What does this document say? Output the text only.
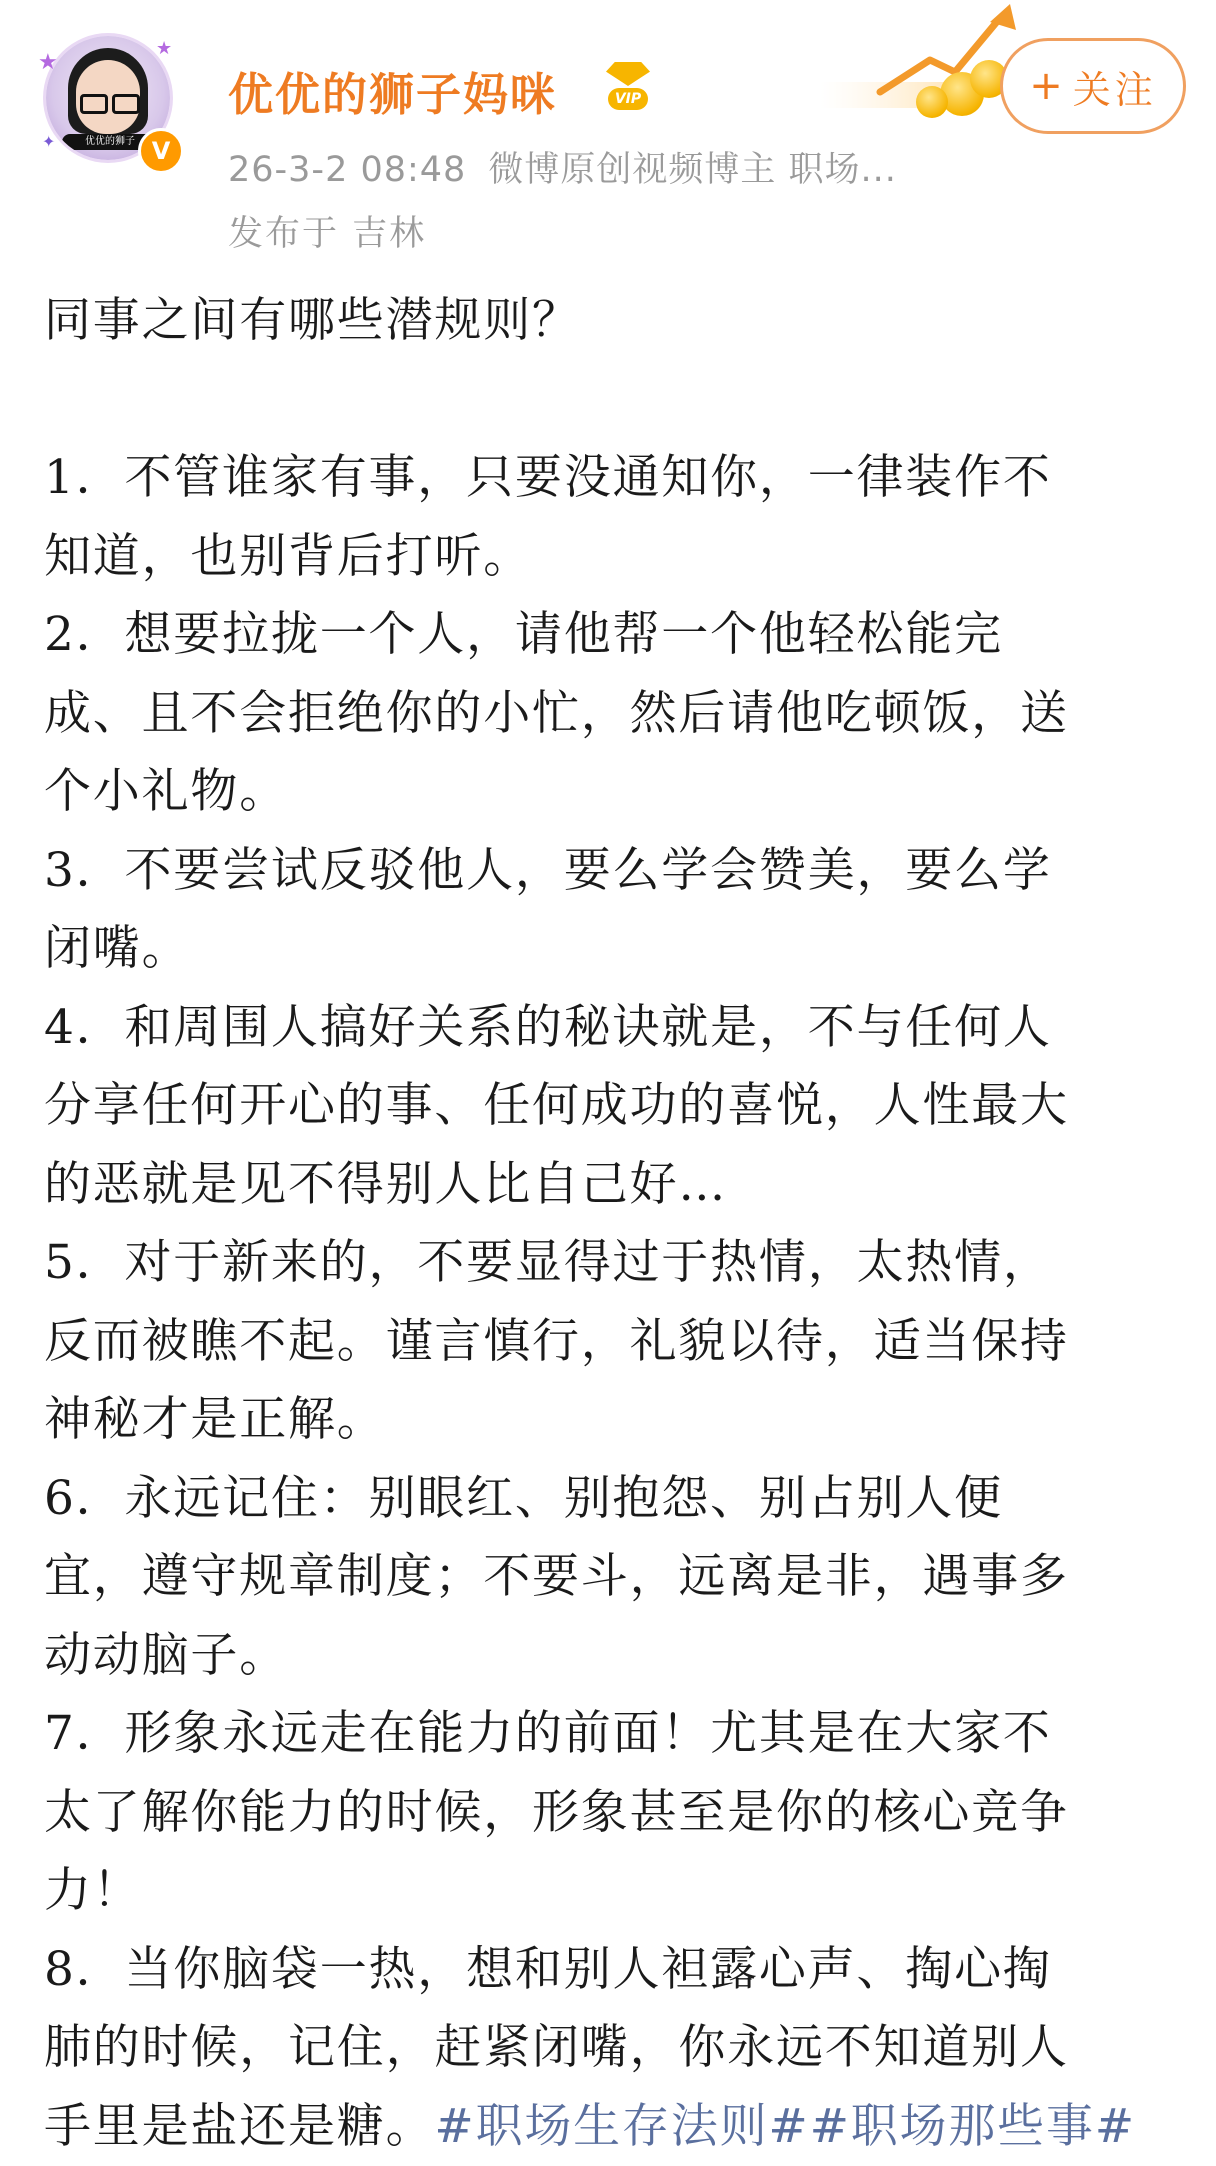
优优的狮子
★
★
✦	V
优优的狮子妈咪	VIP
26-3-2 08:48 微博原创视频博主 职场...
发布于 吉林
+ 关注

同事之间有哪些潜规则？

1．不管谁家有事，只要没通知你，一律装作不

知道，也别背后打听。

2．想要拉拢一个人，请他帮一个他轻松能完

成、且不会拒绝你的小忙，然后请他吃顿饭，送

个小礼物。

3．不要尝试反驳他人，要么学会赞美，要么学

闭嘴。

4．和周围人搞好关系的秘诀就是，不与任何人

分享任何开心的事、任何成功的喜悦，人性最大

的恶就是见不得别人比自己好…

5．对于新来的，不要显得过于热情，太热情，

反而被瞧不起。谨言慎行，礼貌以待，适当保持

神秘才是正解。

6．永远记住：别眼红、别抱怨、别占别人便

宜，遵守规章制度；不要斗，远离是非，遇事多

动动脑子。

7．形象永远走在能力的前面！尤其是在大家不

太了解你能力的时候，形象甚至是你的核心竞争

力！

8．当你脑袋一热，想和别人袒露心声、掏心掏

肺的时候，记住，赶紧闭嘴，你永远不知道别人

手里是盐还是糖。#职场生存法则##职场那些事#
